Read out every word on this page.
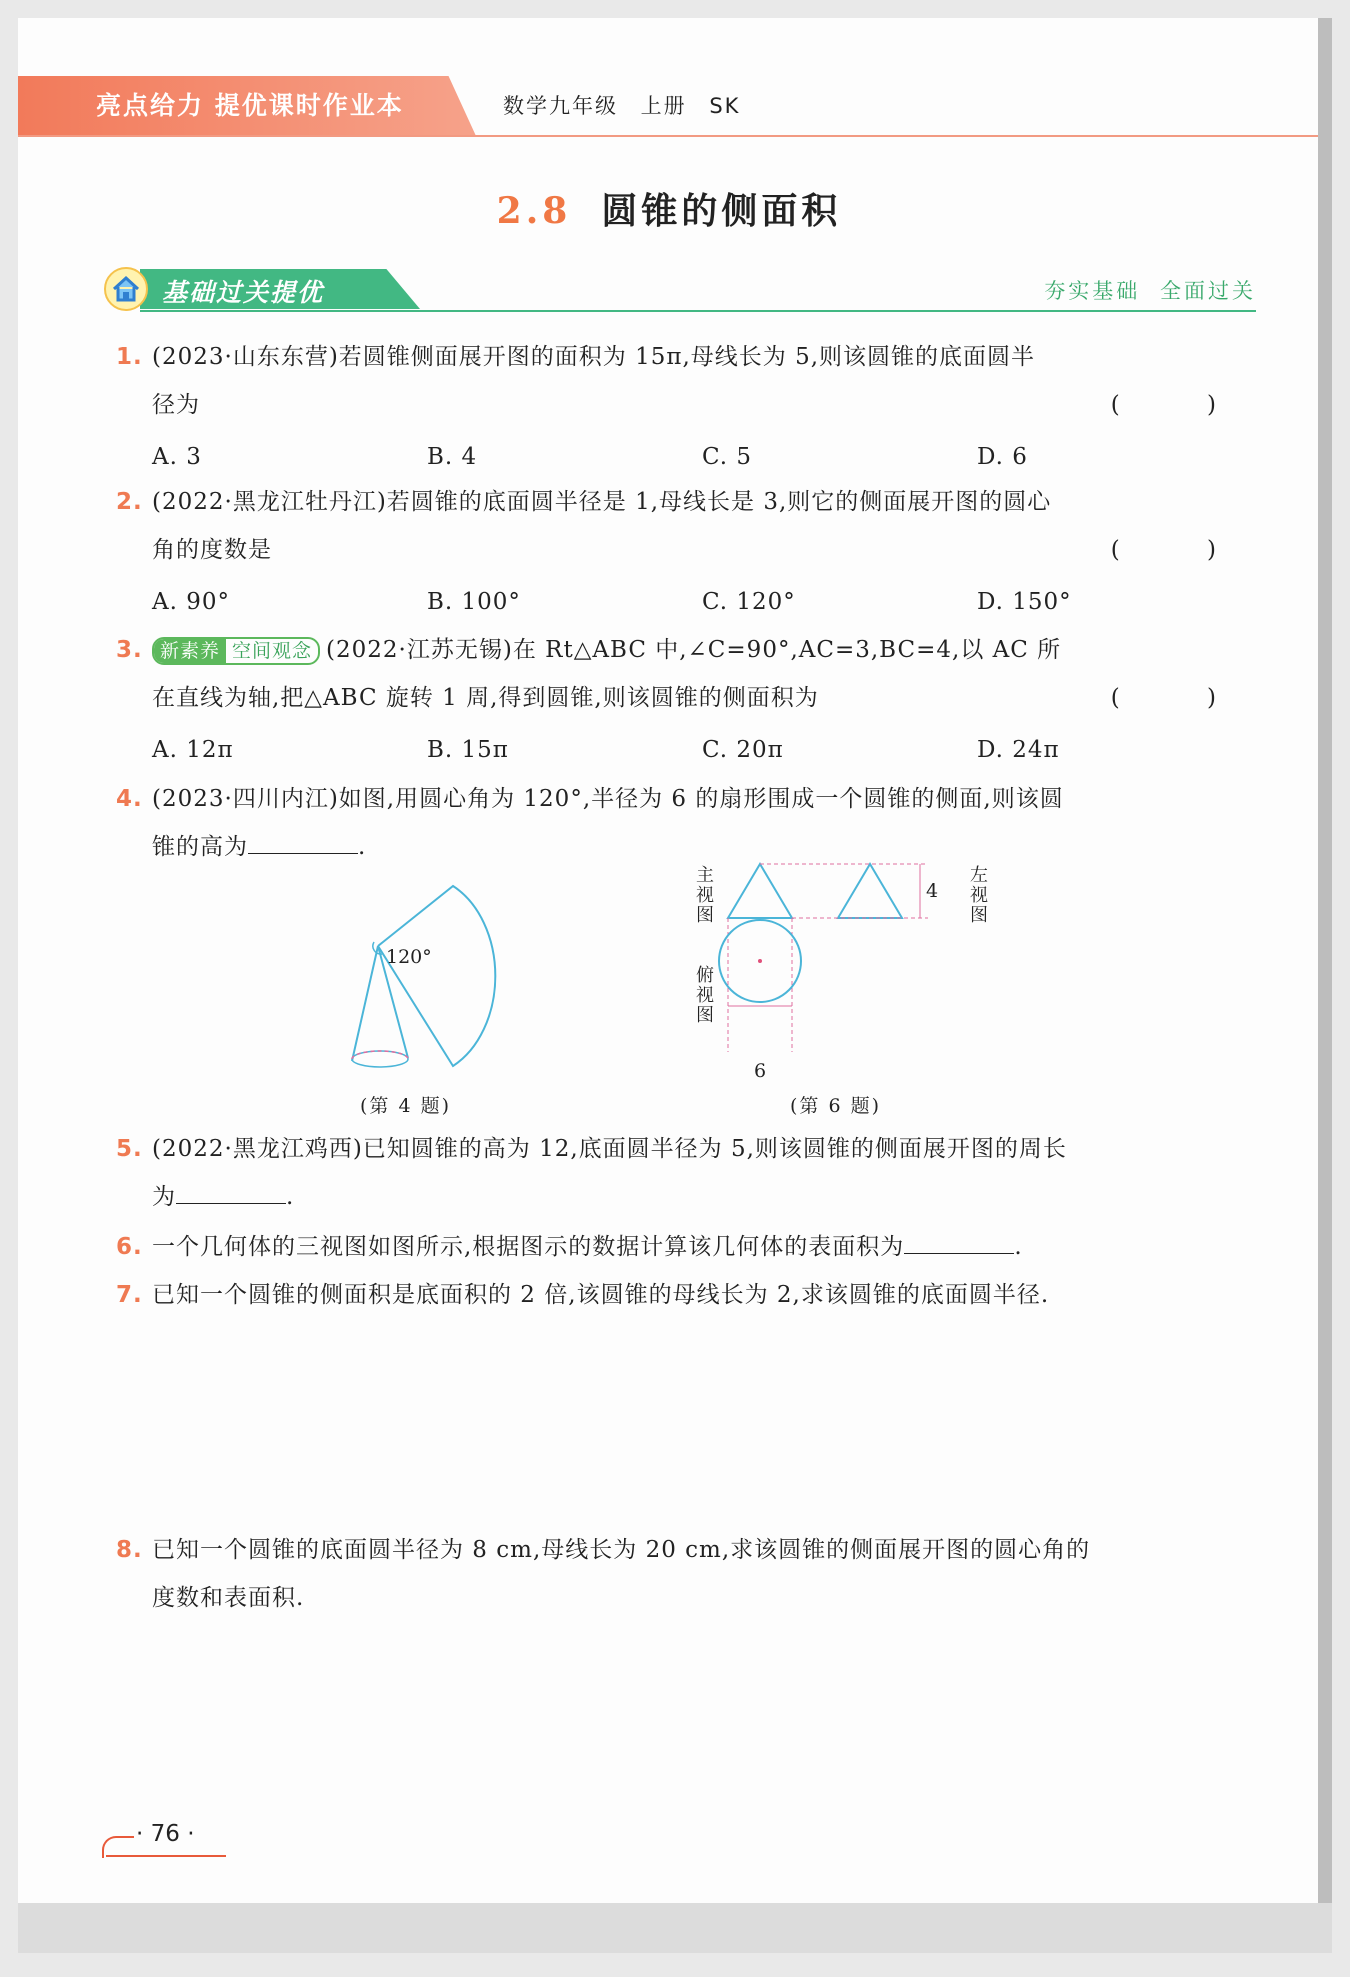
亮点给力 提优课时作业本	数学九年级 上册 SK
2.8 圆锥的侧面积
基础过关提优	夯实基础 全面过关
1. (2023·山东东营)若圆锥侧面展开图的面积为 15π,母线长为 5,则该圆锥的底面圆半
径为	( )
A. 3	B. 4	C. 5	D. 6
2. (2022·黑龙江牡丹江)若圆锥的底面圆半径是 1,母线长是 3,则它的侧面展开图的圆心
角的度数是	( )
A. 90°	B. 100°	C. 120°	D. 150°
3. 新素养 空间观念 (2022·江苏无锡)在 Rt△ABC 中,∠C=90°,AC=3,BC=4,以 AC 所
在直线为轴,把△ABC 旋转 1 周,得到圆锥,则该圆锥的侧面积为	( )
A. 12π	B. 15π	C. 20π	D. 24π
4. (2023·四川内江)如图,用圆心角为 120°,半径为 6 的扇形围成一个圆锥的侧面,则该圆
锥的高为	.
120°
(第 4 题)
主视图
俯视图
左视图
4
6
(第 6 题)
5. (2022·黑龙江鸡西)已知圆锥的高为 12,底面圆半径为 5,则该圆锥的侧面展开图的周长
为	.
6. 一个几何体的三视图如图所示,根据图示的数据计算该几何体的表面积为	.
7. 已知一个圆锥的侧面积是底面积的 2 倍,该圆锥的母线长为 2,求该圆锥的底面圆半径.
8. 已知一个圆锥的底面圆半径为 8 cm,母线长为 20 cm,求该圆锥的侧面展开图的圆心角的
度数和表面积.
· 76 ·
